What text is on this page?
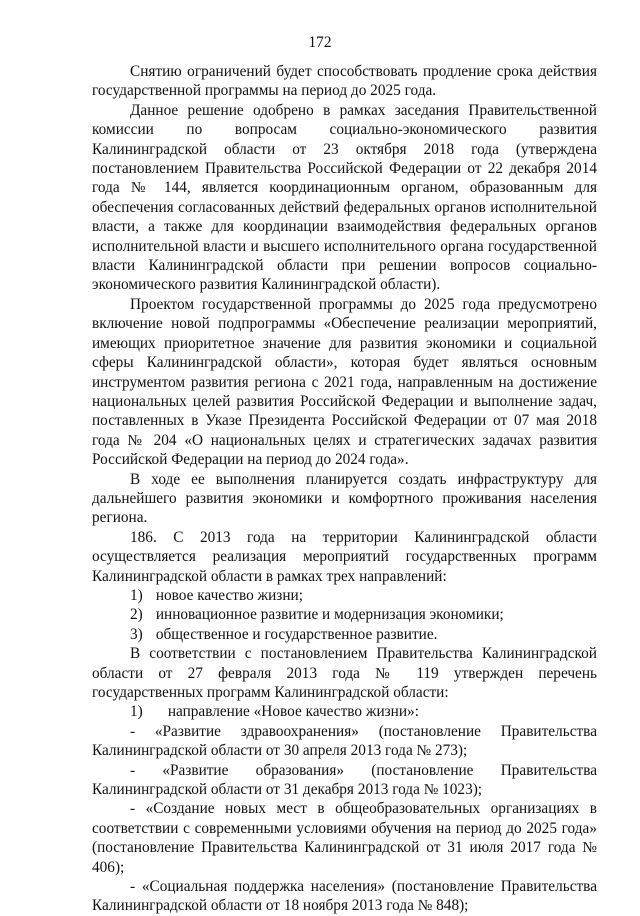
172

Снятию ограничений будет способствовать продление срока действия государственной программы на период до 2025 года.

Данное решение одобрено в рамках заседания Правительственной комиссии по вопросам социально-экономического развития Калининградской области от 23 октября 2018 года (утверждена постановлением Правительства Российской Федерации от 22 декабря 2014 года № 144, является координационным органом, образованным для обеспечения согласованных действий федеральных органов исполнительной власти, а также для координации взаимодействия федеральных органов исполнительной власти и высшего исполнительного органа государственной власти Калининградской области при решении вопросов социально-экономического развития Калининградской области).

Проектом государственной программы до 2025 года предусмотрено включение новой подпрограммы «Обеспечение реализации мероприятий, имеющих приоритетное значение для развития экономики и социальной сферы Калининградской области», которая будет являться основным инструментом развития региона с 2021 года, направленным на достижение национальных целей развития Российской Федерации и выполнение задач, поставленных в Указе Президента Российской Федерации от 07 мая 2018 года № 204 «О национальных целях и стратегических задачах развития Российской Федерации на период до 2024 года».

В ходе ее выполнения планируется создать инфраструктуру для дальнейшего развития экономики и комфортного проживания населения региона.

186. С 2013 года на территории Калининградской области осуществляется реализация мероприятий государственных программ Калининградской области в рамках трех направлений:

1) новое качество жизни;

2) инновационное развитие и модернизация экономики;

3) общественное и государственное развитие.

В соответствии с постановлением Правительства Калининградской области от 27 февраля 2013 года № 119 утвержден перечень государственных программ Калининградской области:

1) направление «Новое качество жизни»:

- «Развитие здравоохранения» (постановление Правительства Калининградской области от 30 апреля 2013 года № 273);

- «Развитие образования» (постановление Правительства Калининградской области от 31 декабря 2013 года № 1023);

- «Создание новых мест в общеобразовательных организациях в соответствии с современными условиями обучения на период до 2025 года» (постановление Правительства Калининградской от 31 июля 2017 года № 406);

- «Социальная поддержка населения» (постановление Правительства Калининградской области от 18 ноября 2013 года № 848);
